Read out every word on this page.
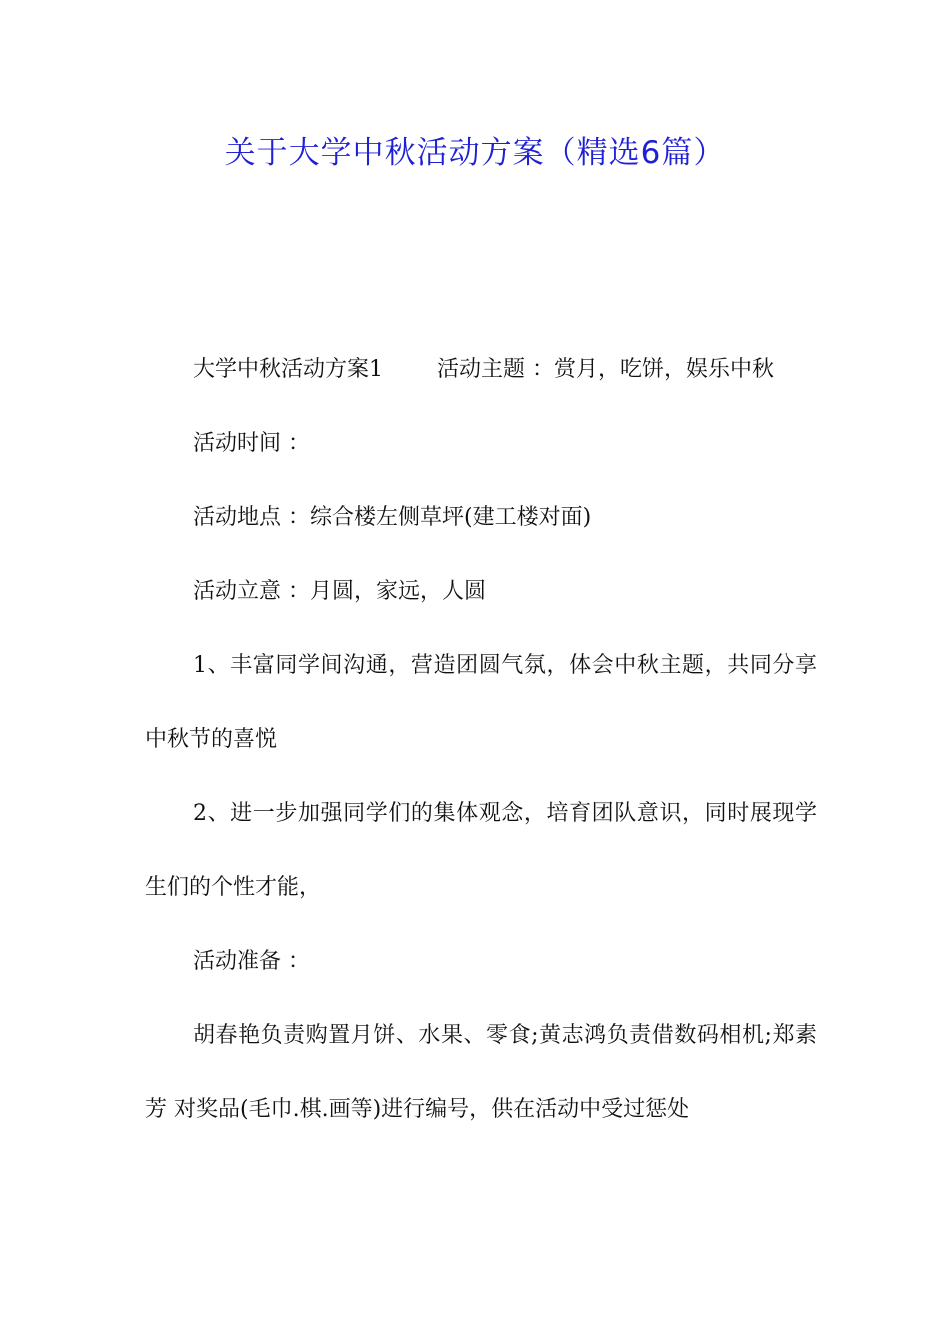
关于大学中秋活动方案（精选6篇）

大学中秋活动方案1 活动主题 ：赏月，吃饼，娱乐中秋

活动时间 ：

活动地点 ：综合楼左侧草坪(建工楼对面)

活动立意 ：月圆，家远，人圆

1、丰富同学间沟通，营造团圆气氛，体会中秋主题，共同分享中秋节的喜悦

2、进一步加强同学们的集体观念，培育团队意识，同时展现学生们的个性才能，

活动准备 ：

胡春艳负责购置月饼、水果、零食;黄志鸿负责借数码相机;郑素芳 对奖品(毛巾.棋.画等)进行编号，供在活动中受过惩处
